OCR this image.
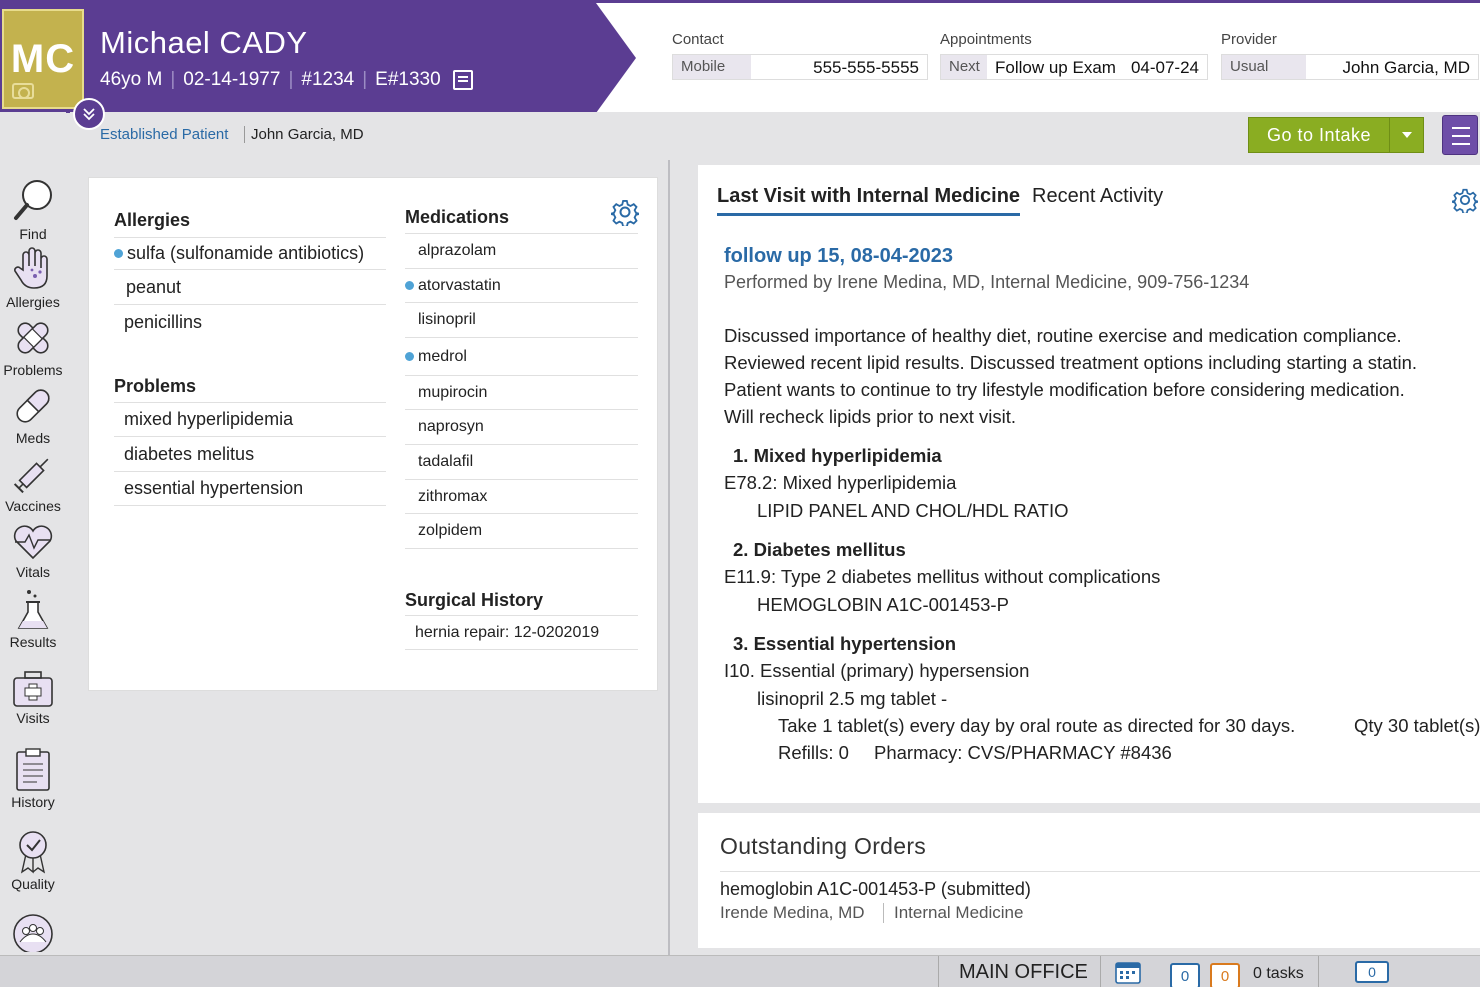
MC Michael CADY
46yo M | 02-14-1977 | #1234 | E#1330
Contact
Mobile	555-555-5555
Appointments
Next Follow up Exam 04-07-24
Provider
Usual	John Garcia, MD
Established Patient	John Garcia, MD	Go to Intake
Find
Allergies
Problems
Meds
Vaccines
Vitals
Results
Visits
History
Quality
Allergies
sulfa (sulfonamide antibiotics)
peanut
penicillins
Problems
mixed hyperlipidemia
diabetes melitus
essential hypertension
Medications
alprazolam
atorvastatin
lisinopril
medrol
mupirocin
naprosyn
tadalafil
zithromax
zolpidem
Surgical History
hernia repair: 12-0202019
Last Visit with Internal Medicine Recent Activity
follow up 15, 08-04-2023
Performed by Irene Medina, MD, Internal Medicine, 909-756-1234
Discussed importance of healthy diet, routine exercise and medication compliance.
Reviewed recent lipid results. Discussed treatment options including starting a statin.
Patient wants to continue to try lifestyle modification before considering medication.
Will recheck lipids prior to next visit.
1. Mixed hyperlipidemia
E78.2: Mixed hyperlipidemia
LIPID PANEL AND CHOL/HDL RATIO
2. Diabetes mellitus
E11.9: Type 2 diabetes mellitus without complications
HEMOGLOBIN A1C-001453-P
3. Essential hypertension
I10. Essential (primary) hypersension
lisinopril 2.5 mg tablet -
Take 1 tablet(s) every day by oral route as directed for 30 days.	Qty 30 tablet(s)
Refills: 0 Pharmacy: CVS/PHARMACY #8436
Outstanding Orders
hemoglobin A1C-001453-P (submitted)
Irende Medina, MD	Internal Medicine
MAIN OFFICE	0	0	0 tasks	0
